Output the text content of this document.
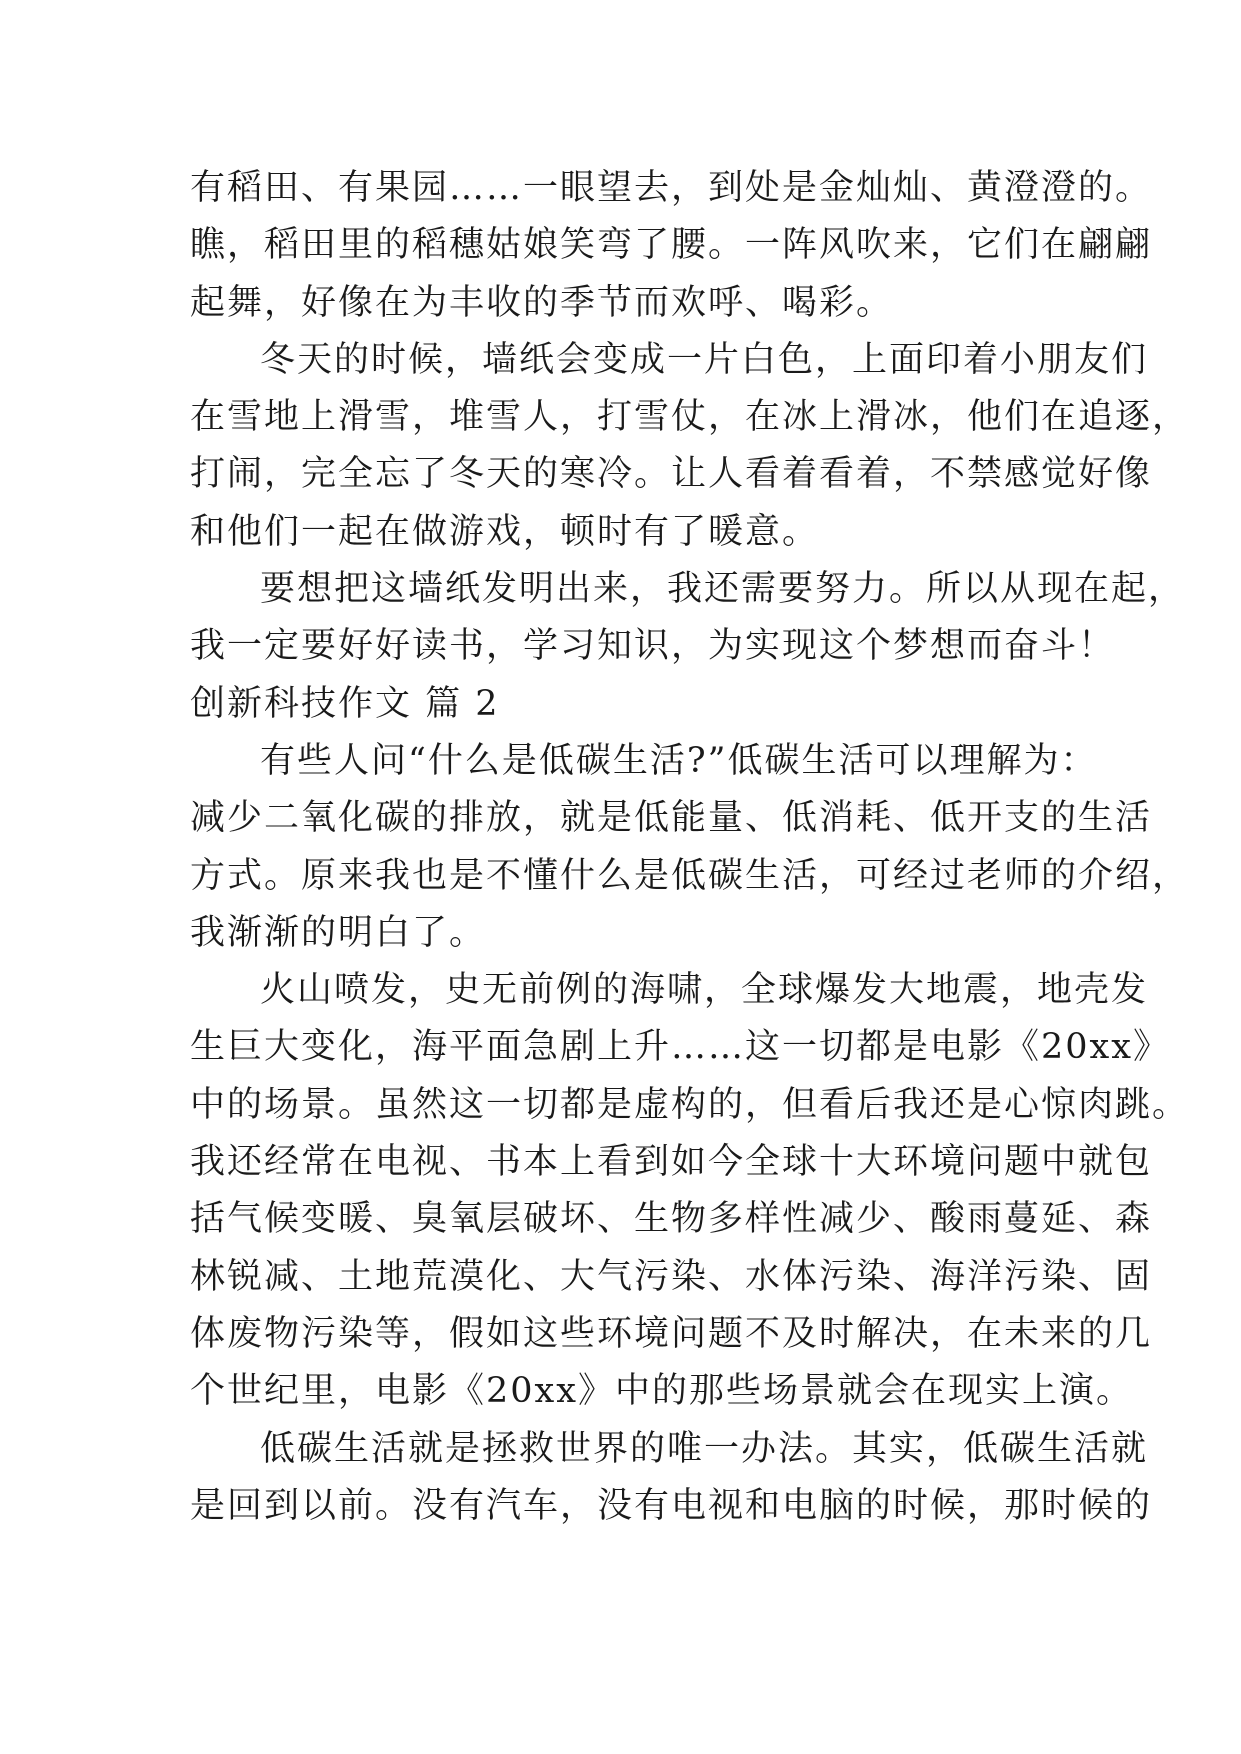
有稻田、有果园……一眼望去，到处是金灿灿、黄澄澄的。
瞧，稻田里的稻穗姑娘笑弯了腰。一阵风吹来，它们在翩翩
起舞，好像在为丰收的季节而欢呼、喝彩。
冬天的时候，墙纸会变成一片白色，上面印着小朋友们
在雪地上滑雪，堆雪人，打雪仗，在冰上滑冰，他们在追逐，
打闹，完全忘了冬天的寒冷。让人看着看着，不禁感觉好像
和他们一起在做游戏，顿时有了暖意。
要想把这墙纸发明出来，我还需要努力。所以从现在起，
我一定要好好读书，学习知识，为实现这个梦想而奋斗！
创新科技作文 篇 2
有些人问“什么是低碳生活?”低碳生活可以理解为：
减少二氧化碳的排放，就是低能量、低消耗、低开支的生活
方式。原来我也是不懂什么是低碳生活，可经过老师的介绍，
我渐渐的明白了。
火山喷发，史无前例的海啸，全球爆发大地震，地壳发
生巨大变化，海平面急剧上升……这一切都是电影《20xx》
中的场景。虽然这一切都是虚构的，但看后我还是心惊肉跳。
我还经常在电视、书本上看到如今全球十大环境问题中就包
括气候变暖、臭氧层破坏、生物多样性减少、酸雨蔓延、森
林锐减、土地荒漠化、大气污染、水体污染、海洋污染、固
体废物污染等，假如这些环境问题不及时解决，在未来的几
个世纪里，电影《20xx》中的那些场景就会在现实上演。
低碳生活就是拯救世界的唯一办法。其实，低碳生活就
是回到以前。没有汽车，没有电视和电脑的时候，那时候的
